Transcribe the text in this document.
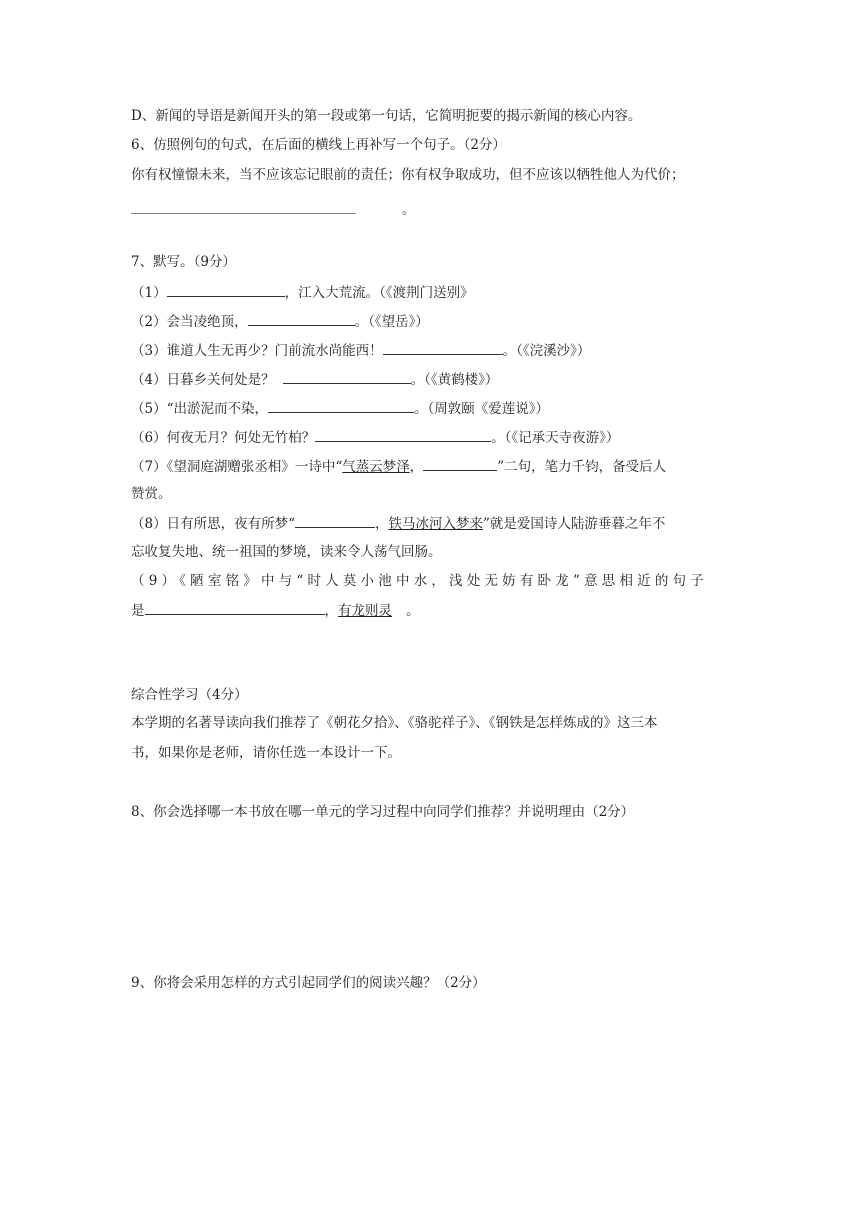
D、新闻的导语是新闻开头的第一段或第一句话，它简明扼要的揭示新闻的核心内容。
6、仿照例句的句式，在后面的横线上再补写一个句子。（2分）
你有权憧憬未来，当不应该忘记眼前的责任；你有权争取成功，但不应该以牺牲他人为代价；
。
7、默写。（9分）
（1）	，江入大荒流。（《渡荆门送别》
（2）会当凌绝顶，	。（《望岳》）
（3）谁道人生无再少？门前流水尚能西！	。（《浣溪沙》）
（4）日暮乡关何处是？	。（《黄鹤楼》）
（5）“出淤泥而不染，	。（周敦颐《爱莲说》）
（6）何夜无月？何处无竹柏？	。（《记承天寺夜游》）
（7）《望洞庭湖赠张丞相》一诗中“气蒸云梦泽，	”二句，笔力千钧，备受后人
赞赏。
（8）日有所思，夜有所梦“	，铁马冰河入梦来”就是爱国诗人陆游垂暮之年不
忘收复失地、统一祖国的梦境，读来令人荡气回肠。
（9）《陋室铭》中与“时人莫小池中水，浅处无妨有卧龙”意思相近的句子
是	，有龙则灵 。
综合性学习（4分）
本学期的名著导读向我们推荐了《朝花夕拾》、《骆驼祥子》、《钢铁是怎样炼成的》这三本
书，如果你是老师，请你任选一本设计一下。
8、你会选择哪一本书放在哪一单元的学习过程中向同学们推荐？并说明理由（2分）
9、你将会采用怎样的方式引起同学们的阅读兴趣？（2分）
